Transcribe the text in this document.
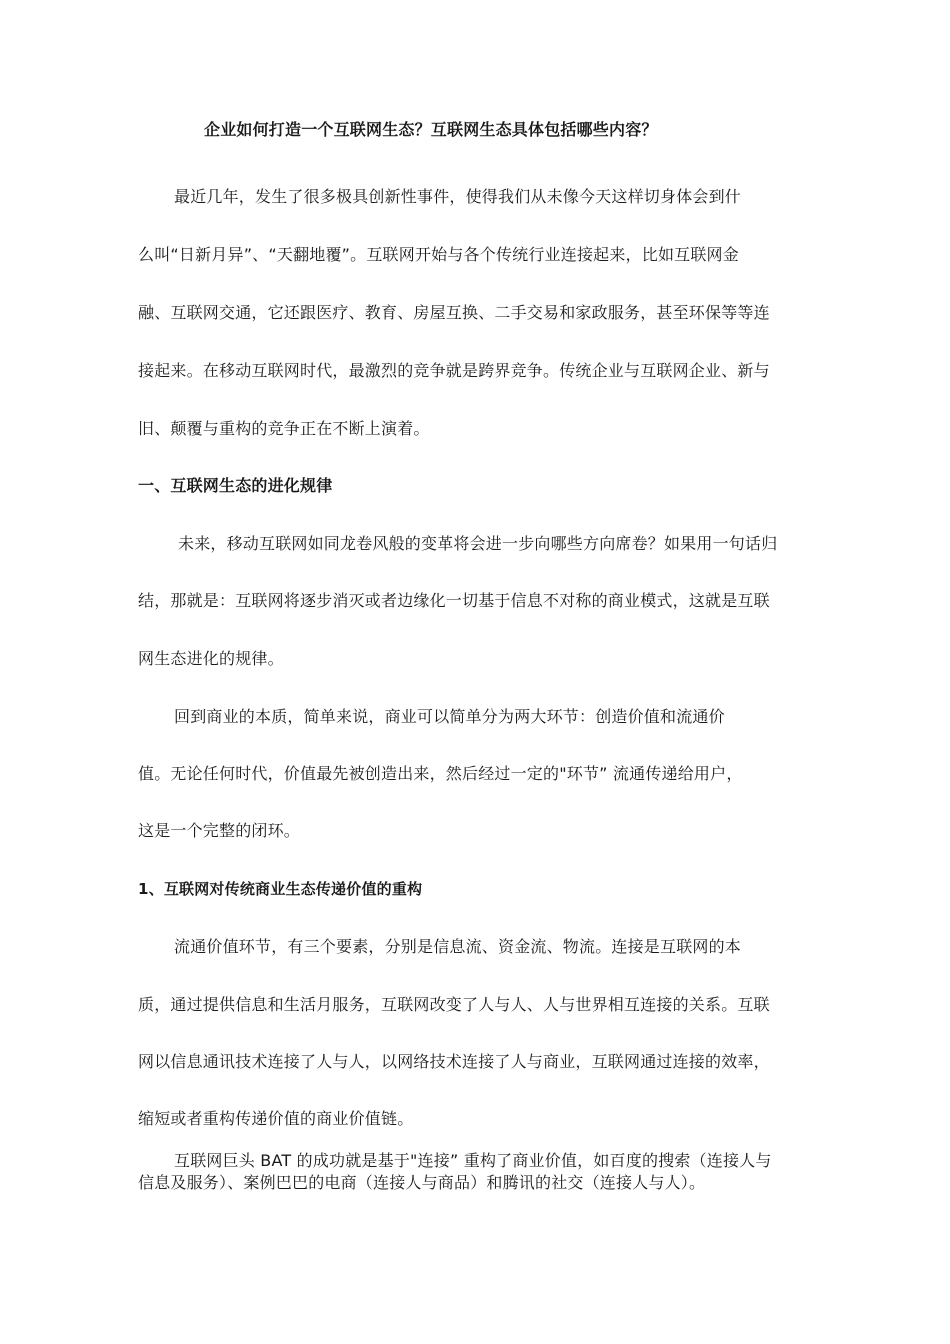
企业如何打造一个互联网生态？互联网生态具体包括哪些内容？
最近几年，发生了很多极具创新性事件，使得我们从未像今天这样切身体会到什
么叫“日新月异”、“天翻地覆”。互联网开始与各个传统行业连接起来，比如互联网金
融、互联网交通，它还跟医疗、教育、房屋互换、二手交易和家政服务，甚至环保等等连
接起来。在移动互联网时代，最激烈的竞争就是跨界竞争。传统企业与互联网企业、新与
旧、颠覆与重构的竞争正在不断上演着。
一、互联网生态的进化规律
未来，移动互联网如同龙卷风般的变革将会进一步向哪些方向席卷？如果用一句话归
结，那就是：互联网将逐步消灭或者边缘化一切基于信息不对称的商业模式，这就是互联
网生态进化的规律。
回到商业的本质，简单来说，商业可以简单分为两大环节：创造价值和流通价
值。无论任何时代，价值最先被创造出来，然后经过一定的"环节” 流通传递给用户，
这是一个完整的闭环。
1、互联网对传统商业生态传递价值的重构
流通价值环节，有三个要素，分别是信息流、资金流、物流。连接是互联网的本
质，通过提供信息和生活月服务，互联网改变了人与人、人与世界相互连接的关系。互联
网以信息通讯技术连接了人与人，以网络技术连接了人与商业，互联网通过连接的效率，
缩短或者重构传递价值的商业价值链。
互联网巨头 BAT 的成功就是基于"连接” 重构了商业价值，如百度的搜索（连接人与
信息及服务）、案例巴巴的电商（连接人与商品）和腾讯的社交（连接人与人）。
